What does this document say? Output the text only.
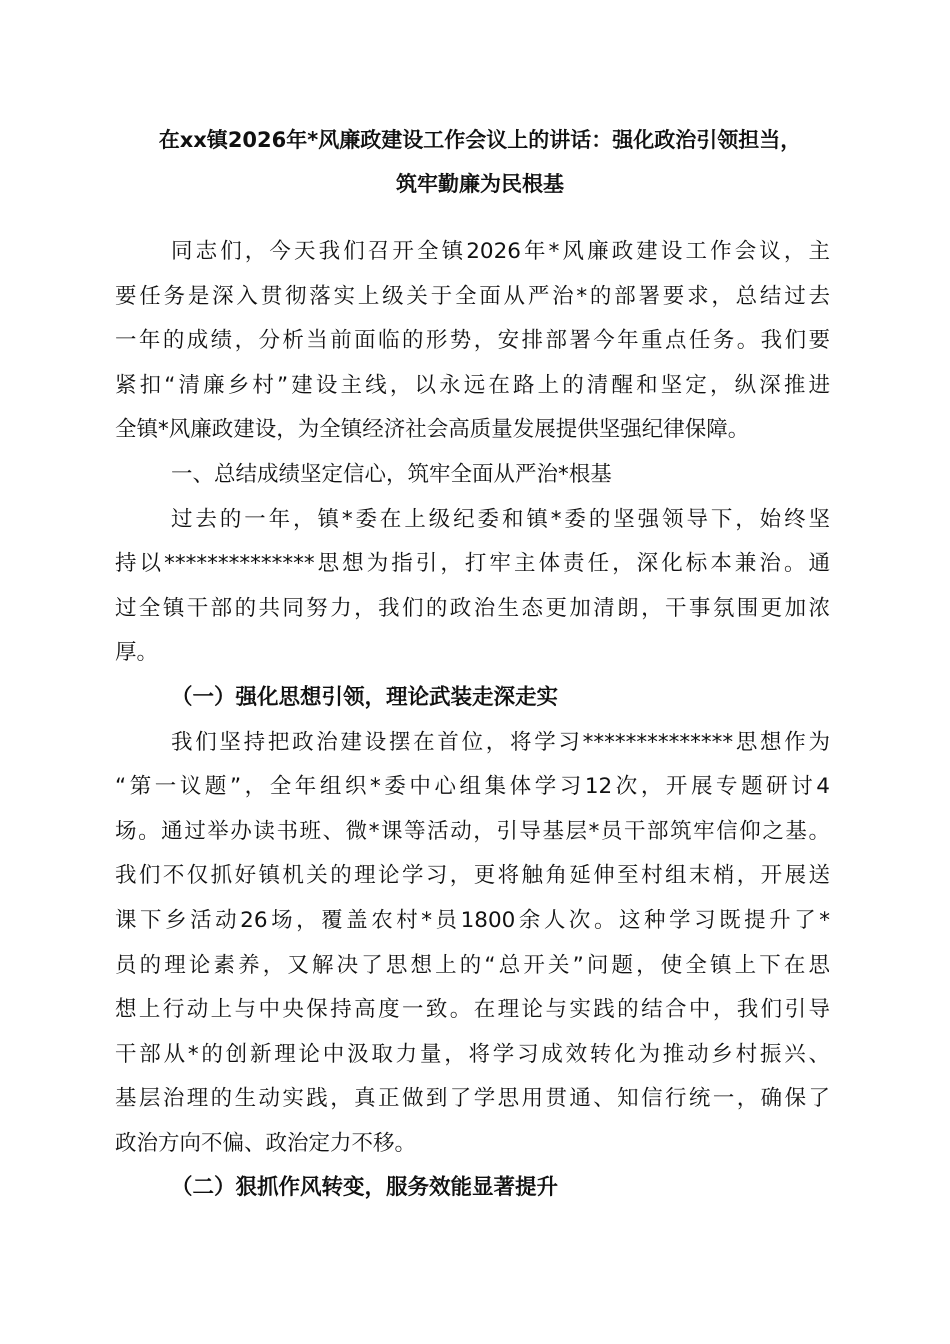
在xx镇2026年*风廉政建设工作会议上的讲话：强化政治引领担当，
筑牢勤廉为民根基
同志们，今天我们召开全镇2026年*风廉政建设工作会议，主
要任务是深入贯彻落实上级关于全面从严治*的部署要求，总结过去
一年的成绩，分析当前面临的形势，安排部署今年重点任务。我们要
紧扣“清廉乡村”建设主线，以永远在路上的清醒和坚定，纵深推进
全镇*风廉政建设，为全镇经济社会高质量发展提供坚强纪律保障。
一、总结成绩坚定信心，筑牢全面从严治*根基
过去的一年，镇*委在上级纪委和镇*委的坚强领导下，始终坚
持以**************思想为指引，打牢主体责任，深化标本兼治。通
过全镇干部的共同努力，我们的政治生态更加清朗，干事氛围更加浓
厚。
（一）强化思想引领，理论武装走深走实
我们坚持把政治建设摆在首位，将学习**************思想作为
“第一议题”，全年组织*委中心组集体学习12次，开展专题研讨4
场。通过举办读书班、微*课等活动，引导基层*员干部筑牢信仰之基。
我们不仅抓好镇机关的理论学习，更将触角延伸至村组末梢，开展送
课下乡活动26场，覆盖农村*员1800余人次。这种学习既提升了*
员的理论素养，又解决了思想上的“总开关”问题，使全镇上下在思
想上行动上与中央保持高度一致。在理论与实践的结合中，我们引导
干部从*的创新理论中汲取力量，将学习成效转化为推动乡村振兴、
基层治理的生动实践，真正做到了学思用贯通、知信行统一，确保了
政治方向不偏、政治定力不移。
（二）狠抓作风转变，服务效能显著提升
